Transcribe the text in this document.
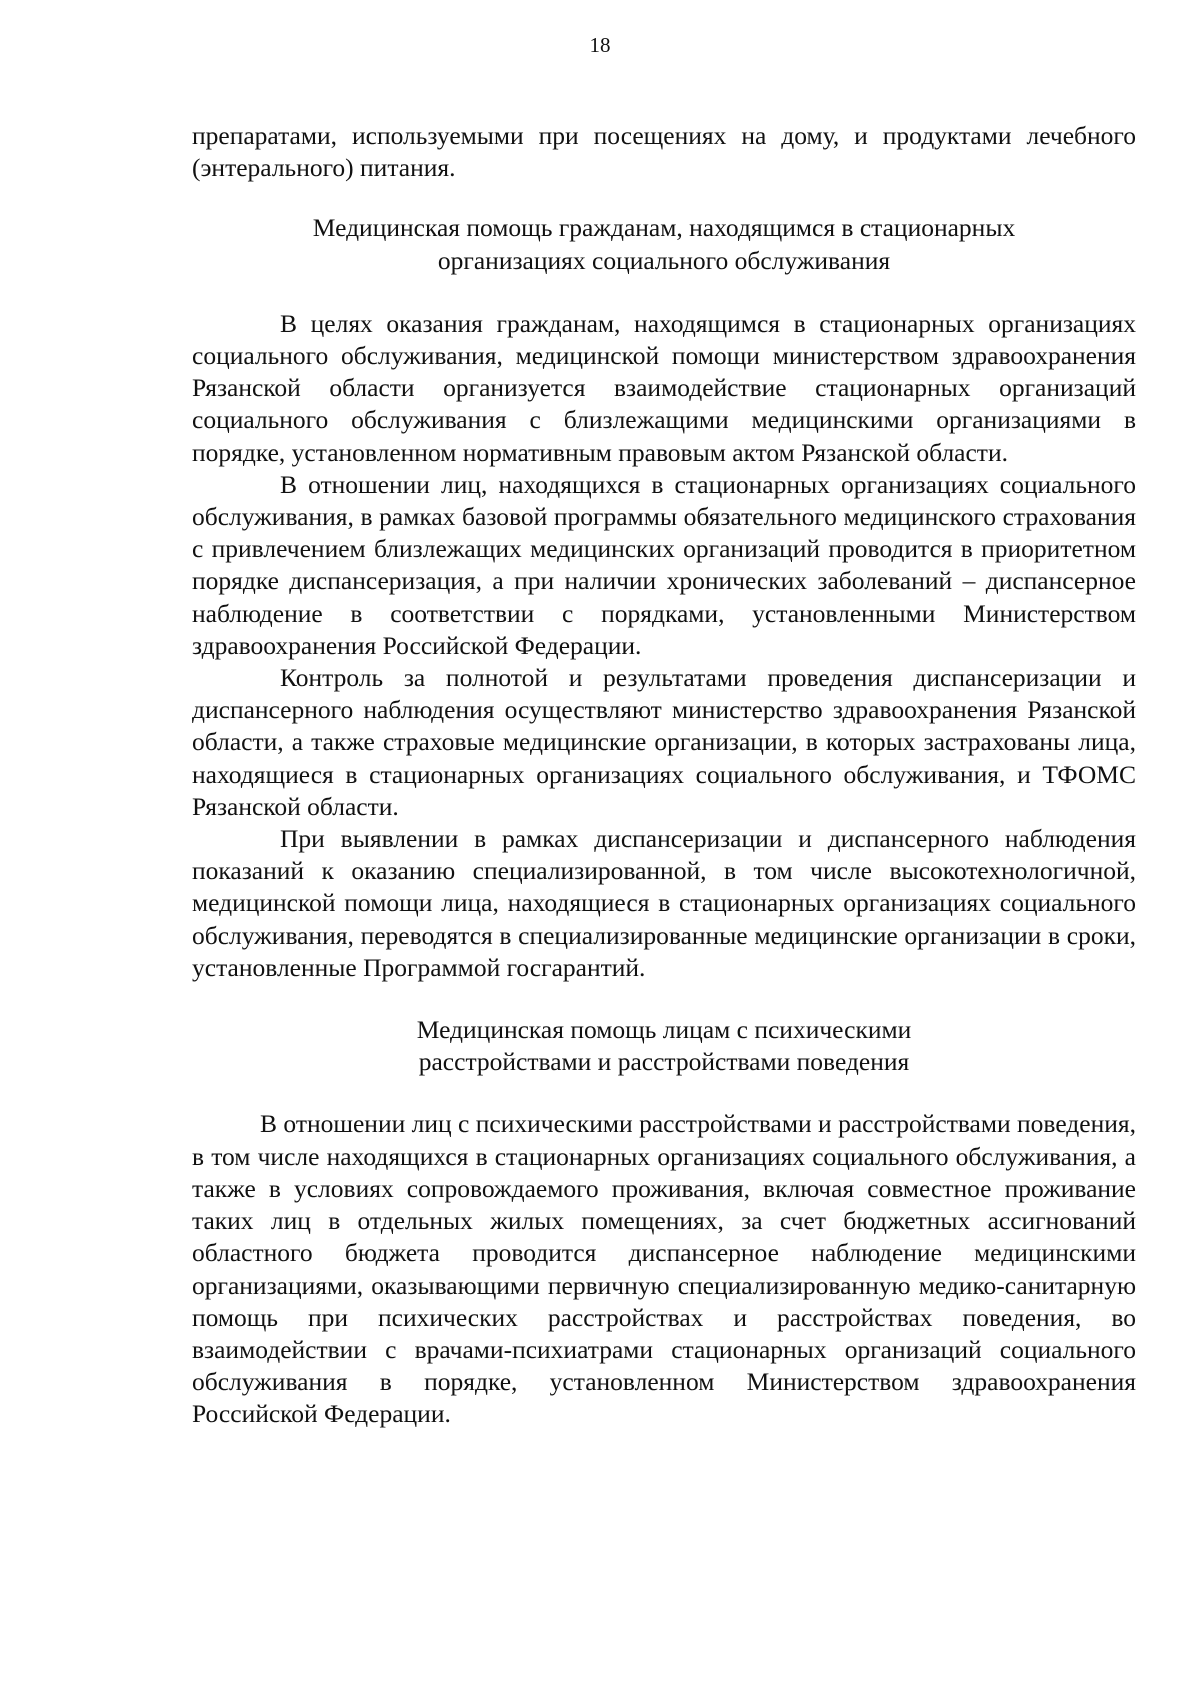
18

препаратами, используемыми при посещениях на дому, и продуктами лечебного (энтерального) питания.

Медицинская помощь гражданам, находящимся в стационарных
организациях социального обслуживания

В целях оказания гражданам, находящимся в стационарных организациях социального обслуживания, медицинской помощи министерством здравоохранения Рязанской области организуется взаимодействие стационарных организаций социального обслуживания с близлежащими медицинскими организациями в порядке, установленном нормативным правовым актом Рязанской области.

В отношении лиц, находящихся в стационарных организациях социального обслуживания, в рамках базовой программы обязательного медицинского страхования с привлечением близлежащих медицинских организаций проводится в приоритетном порядке диспансеризация, а при наличии хронических заболеваний – диспансерное наблюдение в соответствии с порядками, установленными Министерством здравоохранения Российской Федерации.

Контроль за полнотой и результатами проведения диспансеризации и диспансерного наблюдения осуществляют министерство здравоохранения Рязанской области, а также страховые медицинские организации, в которых застрахованы лица, находящиеся в стационарных организациях социального обслуживания, и ТФОМС Рязанской области.

При выявлении в рамках диспансеризации и диспансерного наблюдения показаний к оказанию специализированной, в том числе высокотехнологичной, медицинской помощи лица, находящиеся в стационарных организациях социального обслуживания, переводятся в специализированные медицинские организации в сроки, установленные Программой госгарантий.

Медицинская помощь лицам с психическими
расстройствами и расстройствами поведения

В отношении лиц с психическими расстройствами и расстройствами поведения, в том числе находящихся в стационарных организациях социального обслуживания, а также в условиях сопровождаемого проживания, включая совместное проживание таких лиц в отдельных жилых помещениях, за счет бюджетных ассигнований областного бюджета проводится диспансерное наблюдение медицинскими организациями, оказывающими первичную специализированную медико-санитарную помощь при психических расстройствах и расстройствах поведения, во взаимодействии с врачами-психиатрами стационарных организаций социального обслуживания в порядке, установленном Министерством здравоохранения Российской Федерации.
